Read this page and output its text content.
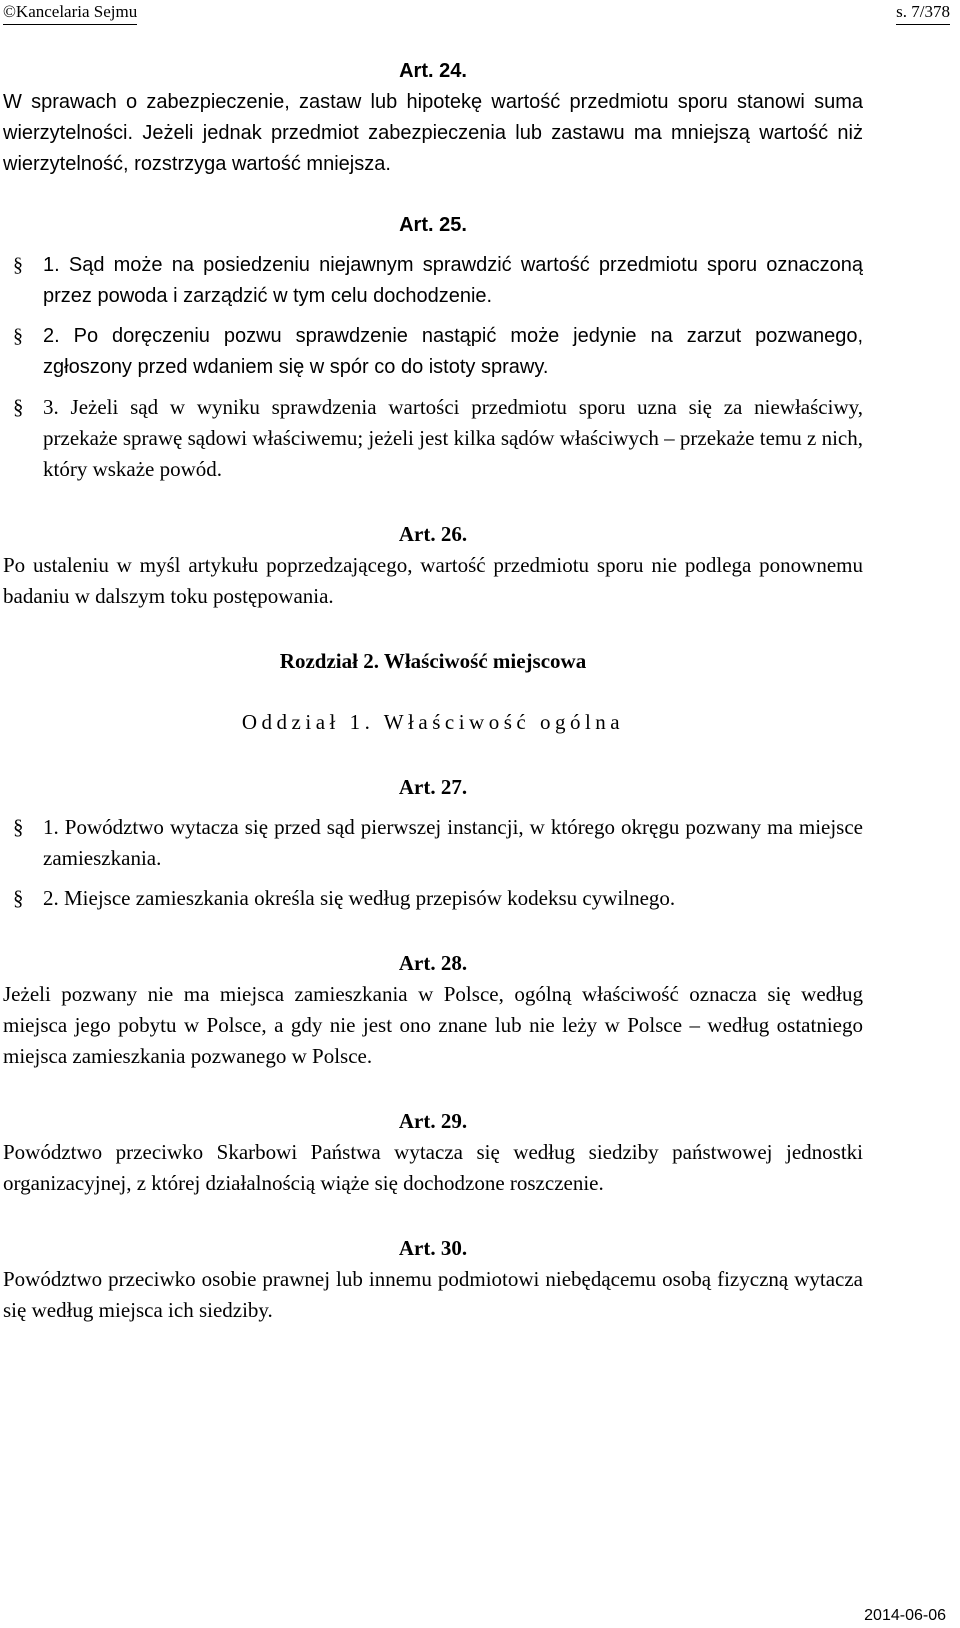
©Kancelaria Sejmu	s. 7/378

Art. 24.

W sprawach o zabezpieczenie, zastaw lub hipotekę wartość przedmiotu sporu stanowi suma wierzytelności. Jeżeli jednak przedmiot zabezpieczenia lub zastawu ma mniejszą wartość niż wierzytelność, rozstrzyga wartość mniejsza.

Art. 25.

§ 1. Sąd może na posiedzeniu niejawnym sprawdzić wartość przedmiotu sporu oznaczoną przez powoda i zarządzić w tym celu dochodzenie.

§ 2. Po doręczeniu pozwu sprawdzenie nastąpić może jedynie na zarzut pozwanego, zgłoszony przed wdaniem się w spór co do istoty sprawy.

§ 3. Jeżeli sąd w wyniku sprawdzenia wartości przedmiotu sporu uzna się za niewłaściwy, przekaże sprawę sądowi właściwemu; jeżeli jest kilka sądów właściwych – przekaże temu z nich, który wskaże powód.

Art. 26.

Po ustaleniu w myśl artykułu poprzedzającego, wartość przedmiotu sporu nie podlega ponownemu badaniu w dalszym toku postępowania.

Rozdział 2. Właściwość miejscowa

Oddział 1. Właściwość ogólna

Art. 27.

§ 1. Powództwo wytacza się przed sąd pierwszej instancji, w którego okręgu pozwany ma miejsce zamieszkania.

§ 2. Miejsce zamieszkania określa się według przepisów kodeksu cywilnego.

Art. 28.

Jeżeli pozwany nie ma miejsca zamieszkania w Polsce, ogólną właściwość oznacza się według miejsca jego pobytu w Polsce, a gdy nie jest ono znane lub nie leży w Polsce – według ostatniego miejsca zamieszkania pozwanego w Polsce.

Art. 29.

Powództwo przeciwko Skarbowi Państwa wytacza się według siedziby państwowej jednostki organizacyjnej, z której działalnością wiąże się dochodzone roszczenie.

Art. 30.

Powództwo przeciwko osobie prawnej lub innemu podmiotowi niebędącemu osobą fizyczną wytacza się według miejsca ich siedziby.

2014-06-06
